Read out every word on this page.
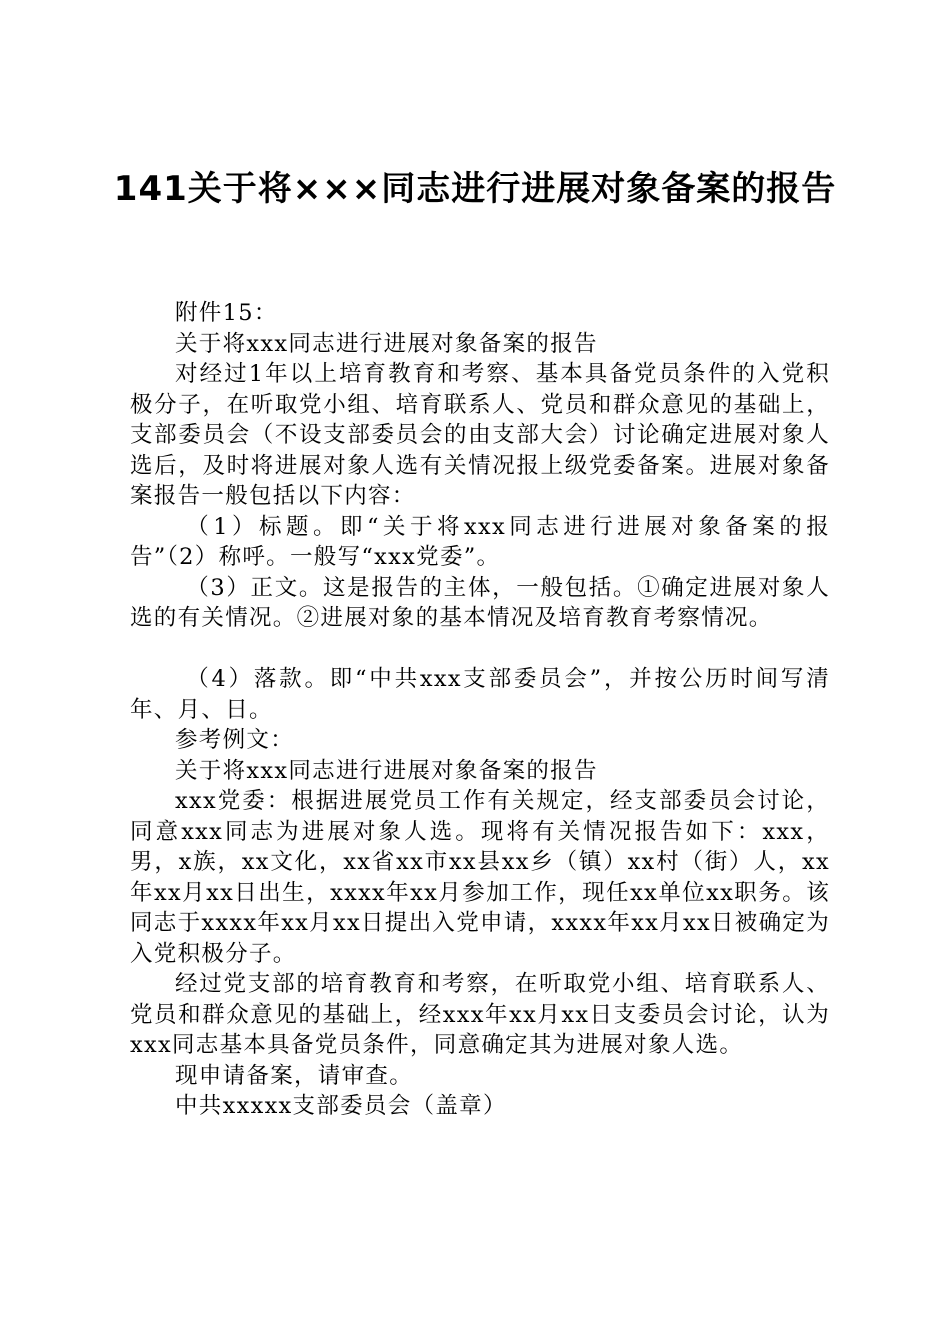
141关于将×××同志进行进展对象备案的报告

附件15：

关于将xxx同志进行进展对象备案的报告

对经过1年以上培育教育和考察、基本具备党员条件的入党积极分子，在听取党小组、培育联系人、党员和群众意见的基础上，支部委员会（不设支部委员会的由支部大会）讨论确定进展对象人选后，及时将进展对象人选有关情况报上级党委备案。进展对象备案报告一般包括以下内容：

（1）标题。即“关于将xxx同志进行进展对象备案的报告”（2）称呼。一般写“xxx党委”。

（3）正文。这是报告的主体，一般包括。①确定进展对象人选的有关情况。②进展对象的基本情况及培育教育考察情况。

（4）落款。即“中共xxx支部委员会”，并按公历时间写清年、月、日。

参考例文：

关于将xxx同志进行进展对象备案的报告

xxx党委：根据进展党员工作有关规定，经支部委员会讨论，同意xxx同志为进展对象人选。现将有关情况报告如下：xxx，男，x族，xx文化，xx省xx市xx县xx乡（镇）xx村（街）人，xx年xx月xx日出生，xxxx年xx月参加工作，现任xx单位xx职务。该同志于xxxx年xx月xx日提出入党申请，xxxx年xx月xx日被确定为入党积极分子。

经过党支部的培育教育和考察，在听取党小组、培育联系人、党员和群众意见的基础上，经xxx年xx月xx日支委员会讨论，认为xxx同志基本具备党员条件，同意确定其为进展对象人选。

现申请备案，请审查。

中共xxxxx支部委员会（盖章）
